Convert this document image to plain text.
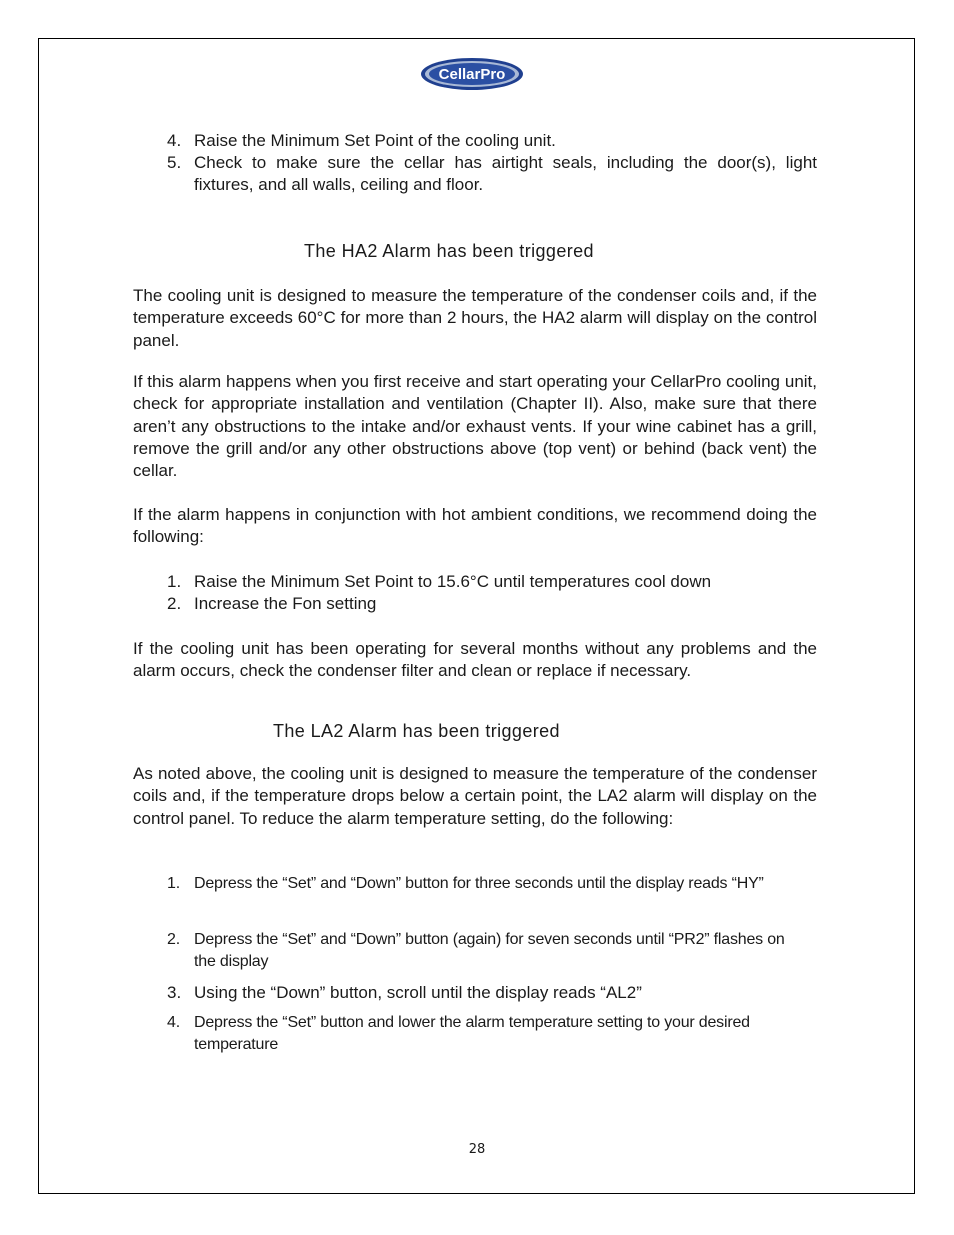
CellarPro
4. Raise the Minimum Set Point of the cooling unit.
5. Check to make sure the cellar has airtight seals, including the door(s), light fixtures, and all walls, ceiling and floor.
The HA2 Alarm has been triggered

The cooling unit is designed to measure the temperature of the condenser coils and, if the temperature exceeds 60°C for more than 2 hours, the HA2 alarm will display on the control panel.

If this alarm happens when you first receive and start operating your CellarPro cooling unit, check for appropriate installation and ventilation (Chapter II). Also, make sure that there aren’t any obstructions to the intake and/or exhaust vents. If your wine cabinet has a grill, remove the grill and/or any other obstructions above (top vent) or behind (back vent) the cellar.

If the alarm happens in conjunction with hot ambient conditions, we recommend doing the following:

1. Raise the Minimum Set Point to 15.6°C until temperatures cool down
2. Increase the Fon setting

If the cooling unit has been operating for several months without any problems and the alarm occurs, check the condenser filter and clean or replace if necessary.

The LA2 Alarm has been triggered

As noted above, the cooling unit is designed to measure the temperature of the condenser coils and, if the temperature drops below a certain point, the LA2 alarm will display on the control panel. To reduce the alarm temperature setting, do the following:

1. Depress the “Set” and “Down” button for three seconds until the display reads “HY”
2. Depress the “Set” and “Down” button (again) for seven seconds until “PR2” flashes on the display
3. Using the “Down” button, scroll until the display reads “AL2”
4. Depress the “Set” button and lower the alarm temperature setting to your desired temperature
28
